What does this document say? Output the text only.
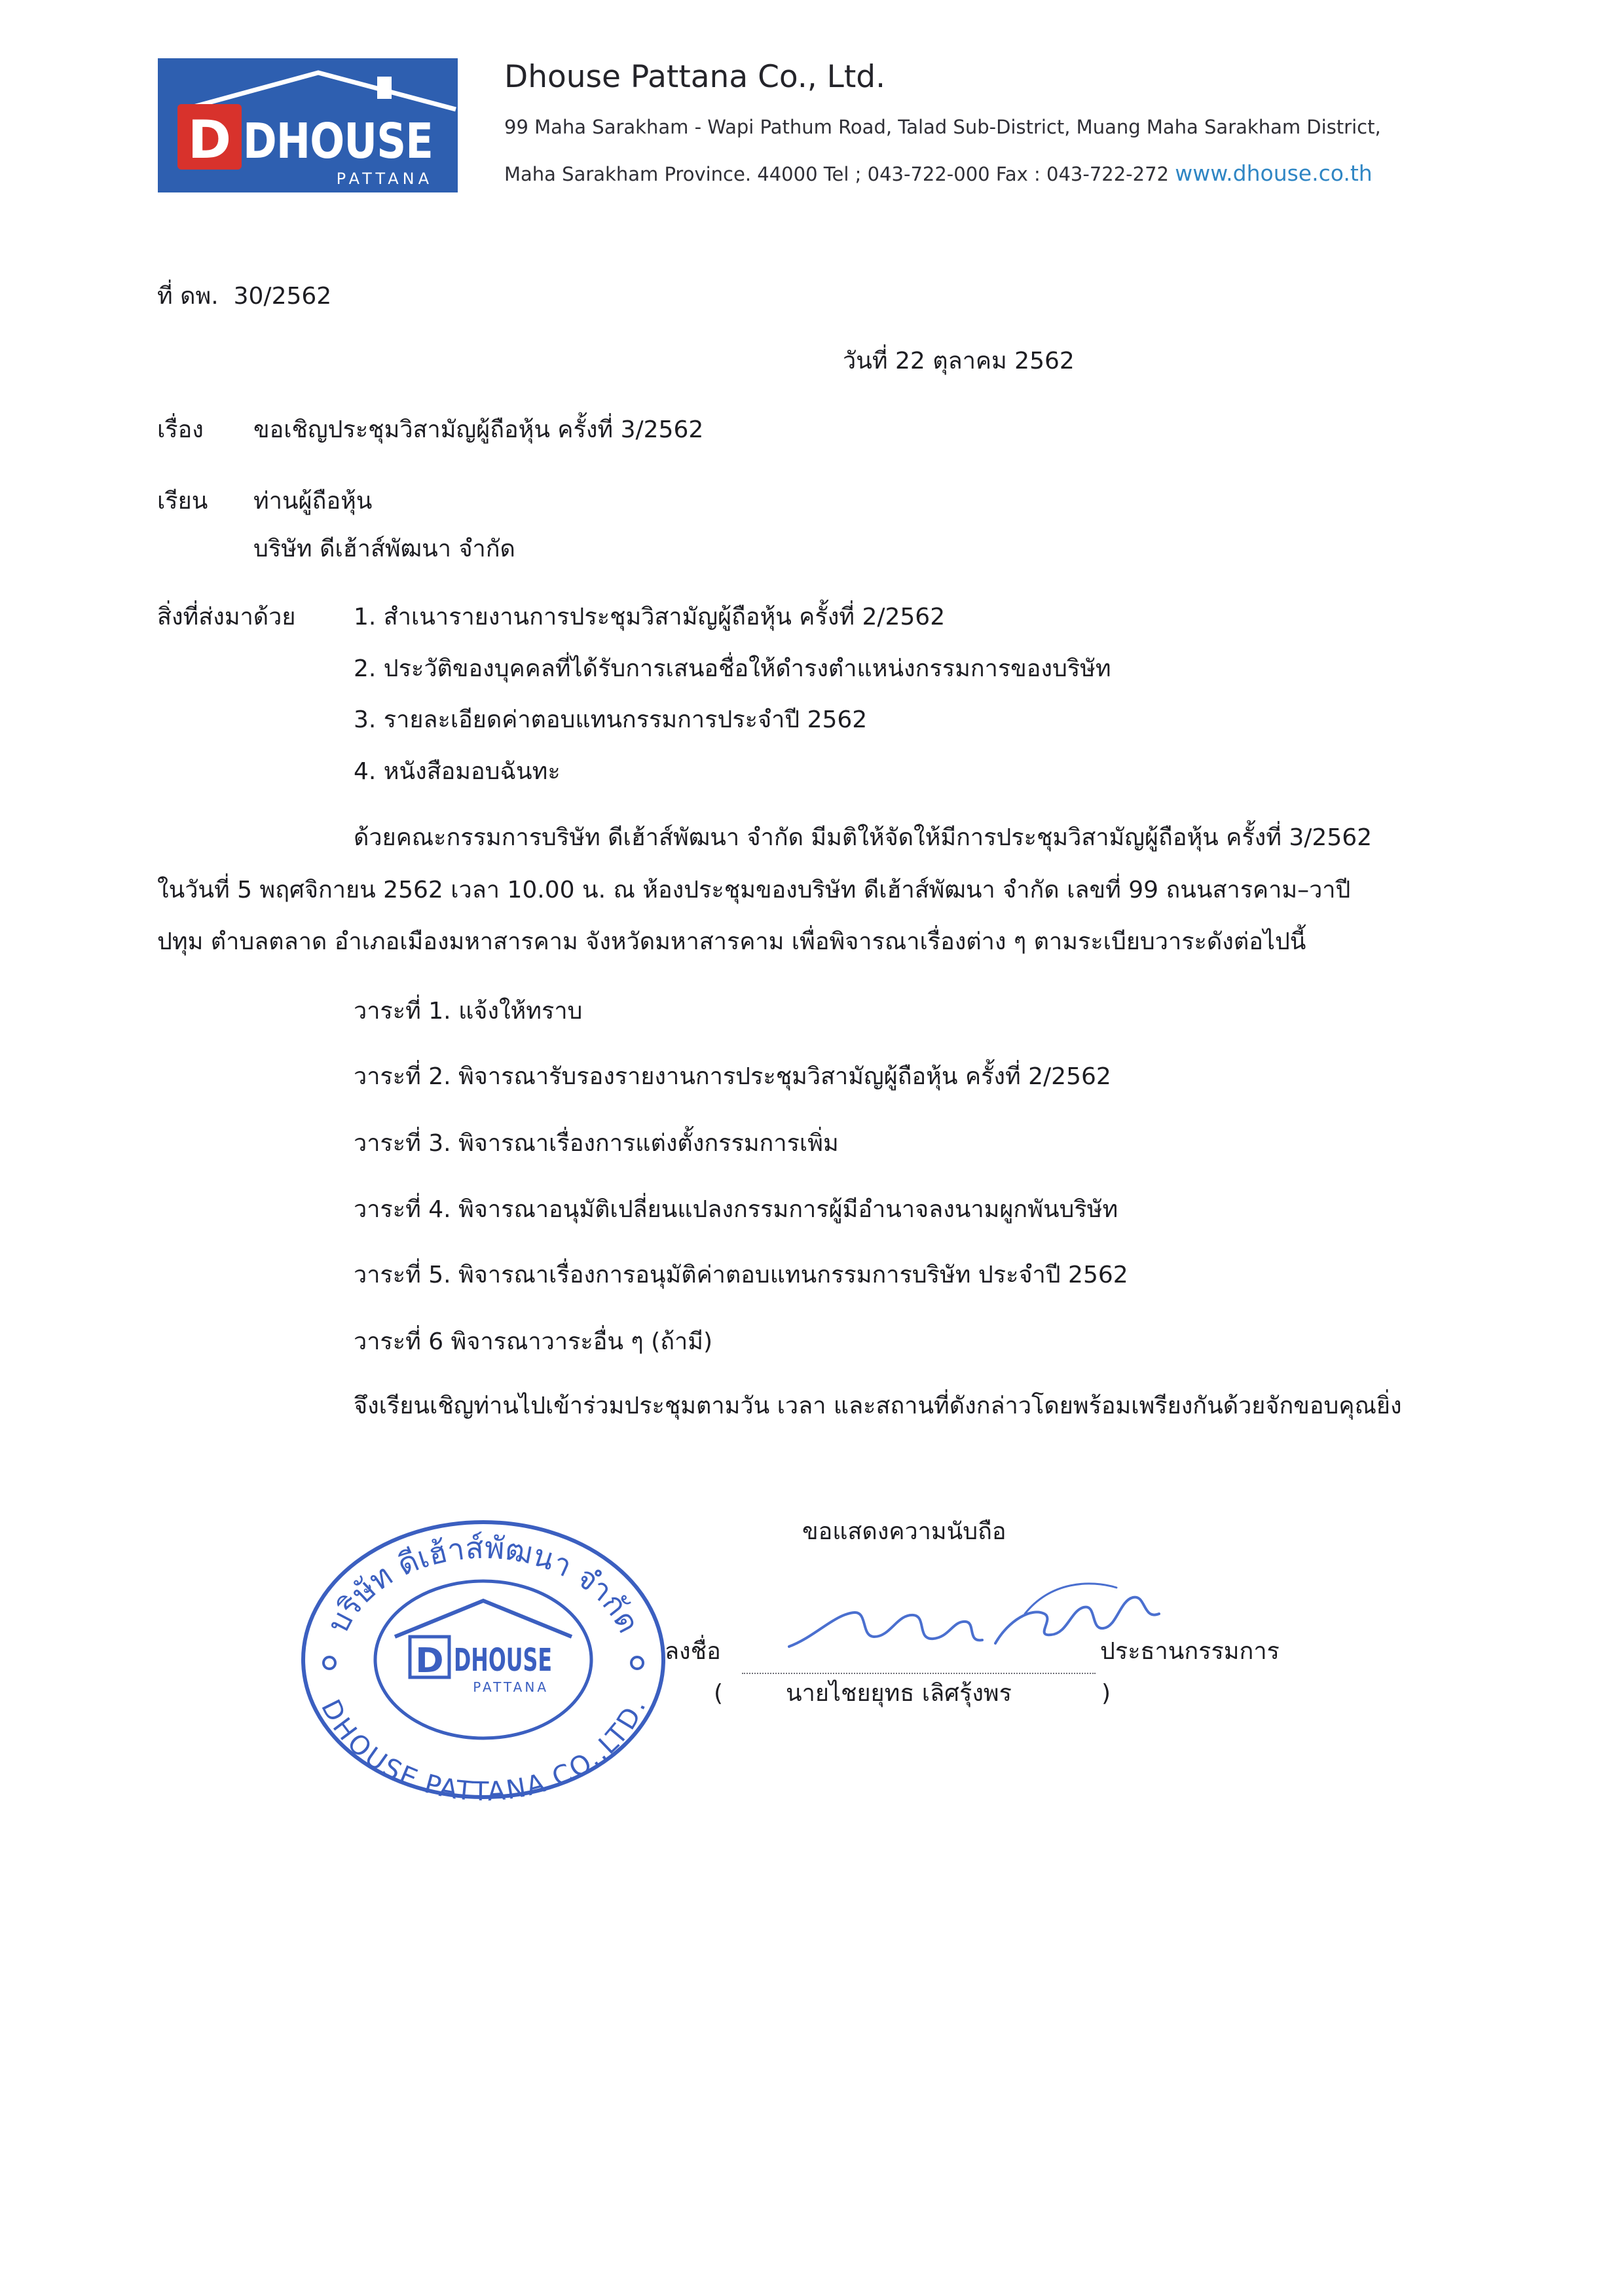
D DHOUSE
PATTANA
Dhouse Pattana Co., Ltd.
99 Maha Sarakham - Wapi Pathum Road, Talad Sub-District, Muang Maha Sarakham District,
Maha Sarakham Province. 44000 Tel ; 043-722-000 Fax : 043-722-272 www.dhouse.co.th
ที่ ดพ. 30/2562
วันที่ 22 ตุลาคม 2562
เรื่อง ขอเชิญประชุมวิสามัญผู้ถือหุ้น ครั้งที่ 3/2562
เรียน ท่านผู้ถือหุ้น
บริษัท ดีเฮ้าส์พัฒนา จำกัด
สิ่งที่ส่งมาด้วย 1. สำเนารายงานการประชุมวิสามัญผู้ถือหุ้น ครั้งที่ 2/2562
2. ประวัติของบุคคลที่ได้รับการเสนอชื่อให้ดำรงตำแหน่งกรรมการของบริษัท
3. รายละเอียดค่าตอบแทนกรรมการประจำปี 2562
4. หนังสือมอบฉันทะ
ด้วยคณะกรรมการบริษัท ดีเฮ้าส์พัฒนา จำกัด มีมติให้จัดให้มีการประชุมวิสามัญผู้ถือหุ้น ครั้งที่ 3/2562
ในวันที่ 5 พฤศจิกายน 2562 เวลา 10.00 น. ณ ห้องประชุมของบริษัท ดีเฮ้าส์พัฒนา จำกัด เลขที่ 99 ถนนสารคาม–วาปี
ปทุม ตำบลตลาด อำเภอเมืองมหาสารคาม จังหวัดมหาสารคาม เพื่อพิจารณาเรื่องต่าง ๆ ตามระเบียบวาระดังต่อไปนี้
วาระที่ 1. แจ้งให้ทราบ
วาระที่ 2. พิจารณารับรองรายงานการประชุมวิสามัญผู้ถือหุ้น ครั้งที่ 2/2562
วาระที่ 3. พิจารณาเรื่องการแต่งตั้งกรรมการเพิ่ม
วาระที่ 4. พิจารณาอนุมัติเปลี่ยนแปลงกรรมการผู้มีอำนาจลงนามผูกพันบริษัท
วาระที่ 5. พิจารณาเรื่องการอนุมัติค่าตอบแทนกรรมการบริษัท ประจำปี 2562
วาระที่ 6 พิจารณาวาระอื่น ๆ (ถ้ามี)
จึงเรียนเชิญท่านไปเข้าร่วมประชุมตามวัน เวลา และสถานที่ดังกล่าวโดยพร้อมเพรียงกันด้วยจักขอบคุณยิ่ง
ขอแสดงความนับถือ
บริษัท ดีเฮ้าส์พัฒนา จำกัด
DHOUSE PATTANA CO.,LTD.
D DHOUSE
PATTANA
ลงชื่อ	ประธานกรรมการ
(	นายไชยยุทธ เลิศรุ้งพร	)
